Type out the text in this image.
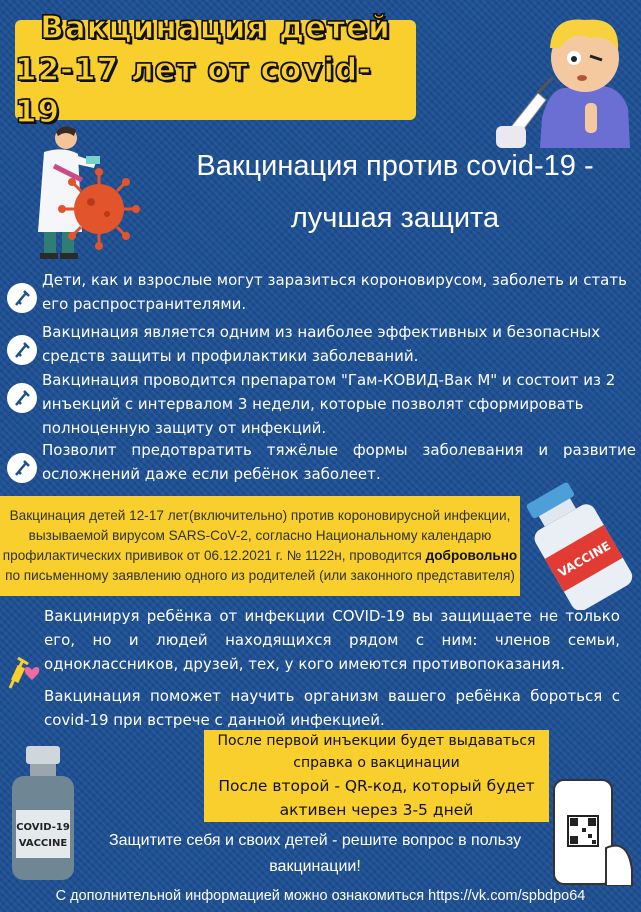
Вакцинация детей
12-17 лет от covid-19
Вакцинация против covid-19 -
лучшая защита
Дети, как и взрослые могут заразиться короновирусом, заболеть и стать его распространителями.
Вакцинация является одним из наиболее эффективных и безопасных средств защиты и профилактики заболеваний.
Вакцинация проводится препаратом "Гам-КОВИД-Вак М" и состоит из 2 инъекций с интервалом 3 недели, которые позволят сформировать полноценную защиту от инфекций.
Позволит предотвратить тяжёлые формы заболевания и развитие осложнений даже если ребёнок заболеет.
Вакцинация детей 12-17 лет(включительно) против короновирусной инфекции, вызываемой вирусом SARS-CoV-2, согласно Национальному календарю профилактических прививок от 06.12.2021 г. № 1122н, проводится добровольно по письменному заявлению одного из родителей (или законного представителя)	VACCINE
Вакцинируя ребёнка от инфекции COVID-19 вы защищаете не только его, но и людей находящихся рядом с ним: членов семьи, одноклассников, друзей, тех, у кого имеются противопоказания.
Вакцинация поможет научить организм вашего ребёнка бороться с covid-19 при встрече с данной инфекцией.
После первой инъекции будет выдаваться справка о вакцинации
После второй - QR-код, который будет активен через 3-5 дней
COVID-19
VACCINE	Защитите себя и своих детей - решите вопрос в пользу вакцинации!
С дополнительной информацией можно ознакомиться https://vk.com/spbdpo64
